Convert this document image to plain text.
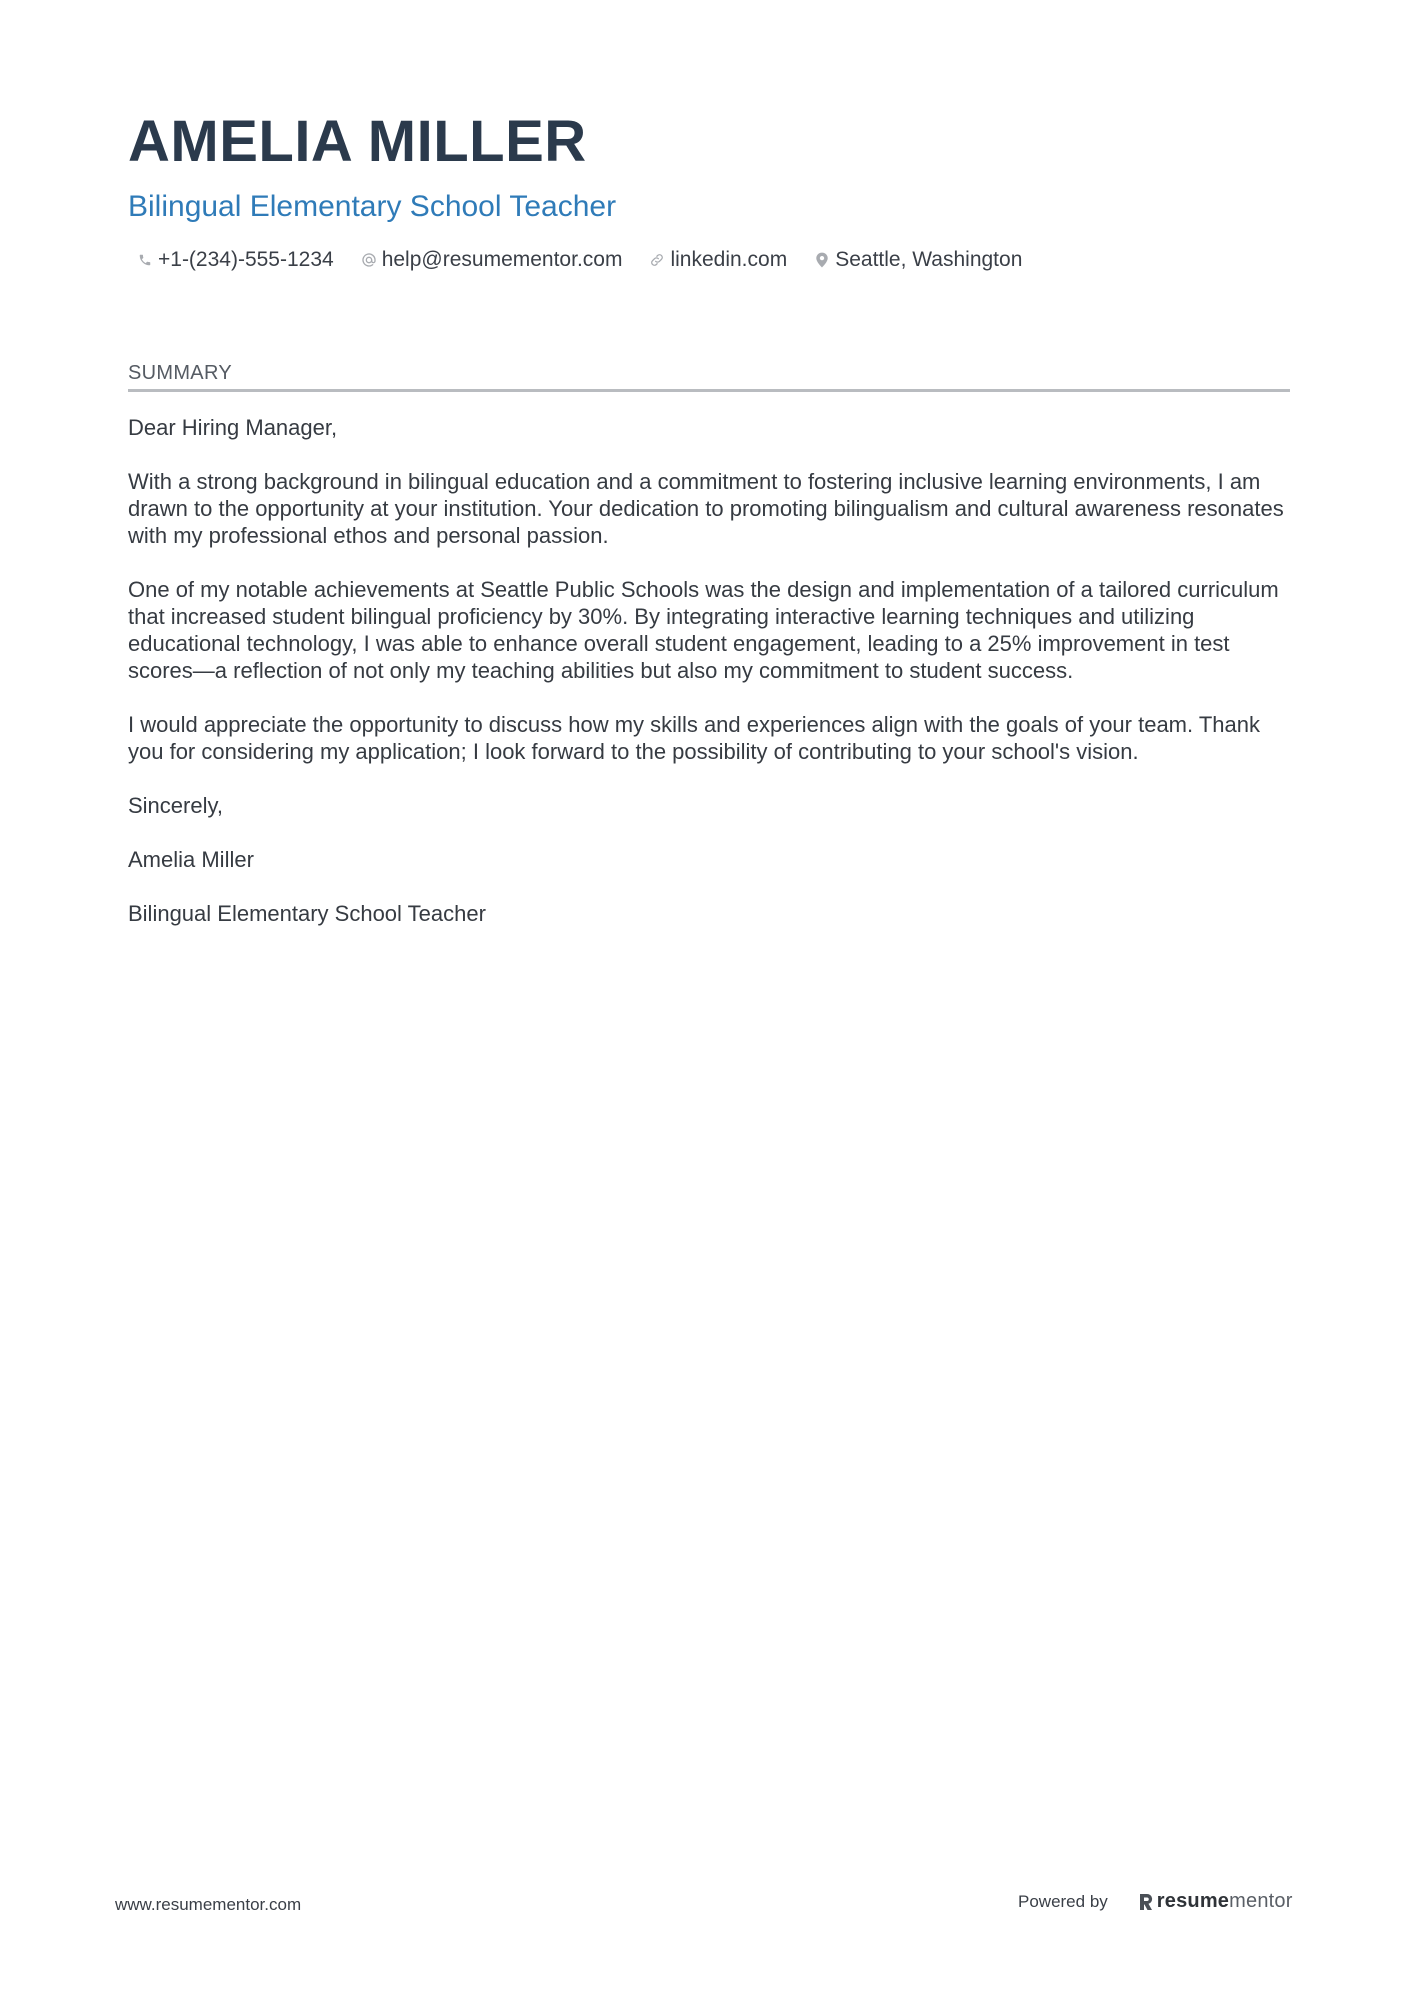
AMELIA MILLER
Bilingual Elementary School Teacher
+1-(234)-555-1234 help@resumementor.com linkedin.com Seattle, Washington
SUMMARY

Dear Hiring Manager,

With a strong background in bilingual education and a commitment to fostering inclusive learning environments, I am drawn to the opportunity at your institution. Your dedication to promoting bilingualism and cultural awareness resonates with my professional ethos and personal passion.

One of my notable achievements at Seattle Public Schools was the design and implementation of a tailored curriculum that increased student bilingual proficiency by 30%. By integrating interactive learning techniques and utilizing educational technology, I was able to enhance overall student engagement, leading to a 25% improvement in test scores—a reflection of not only my teaching abilities but also my commitment to student success.

I would appreciate the opportunity to discuss how my skills and experiences align with the goals of your team. Thank you for considering my application; I look forward to the possibility of contributing to your school's vision.

Sincerely,

Amelia Miller

Bilingual Elementary School Teacher

www.resumementor.com	Powered by resume mentor
